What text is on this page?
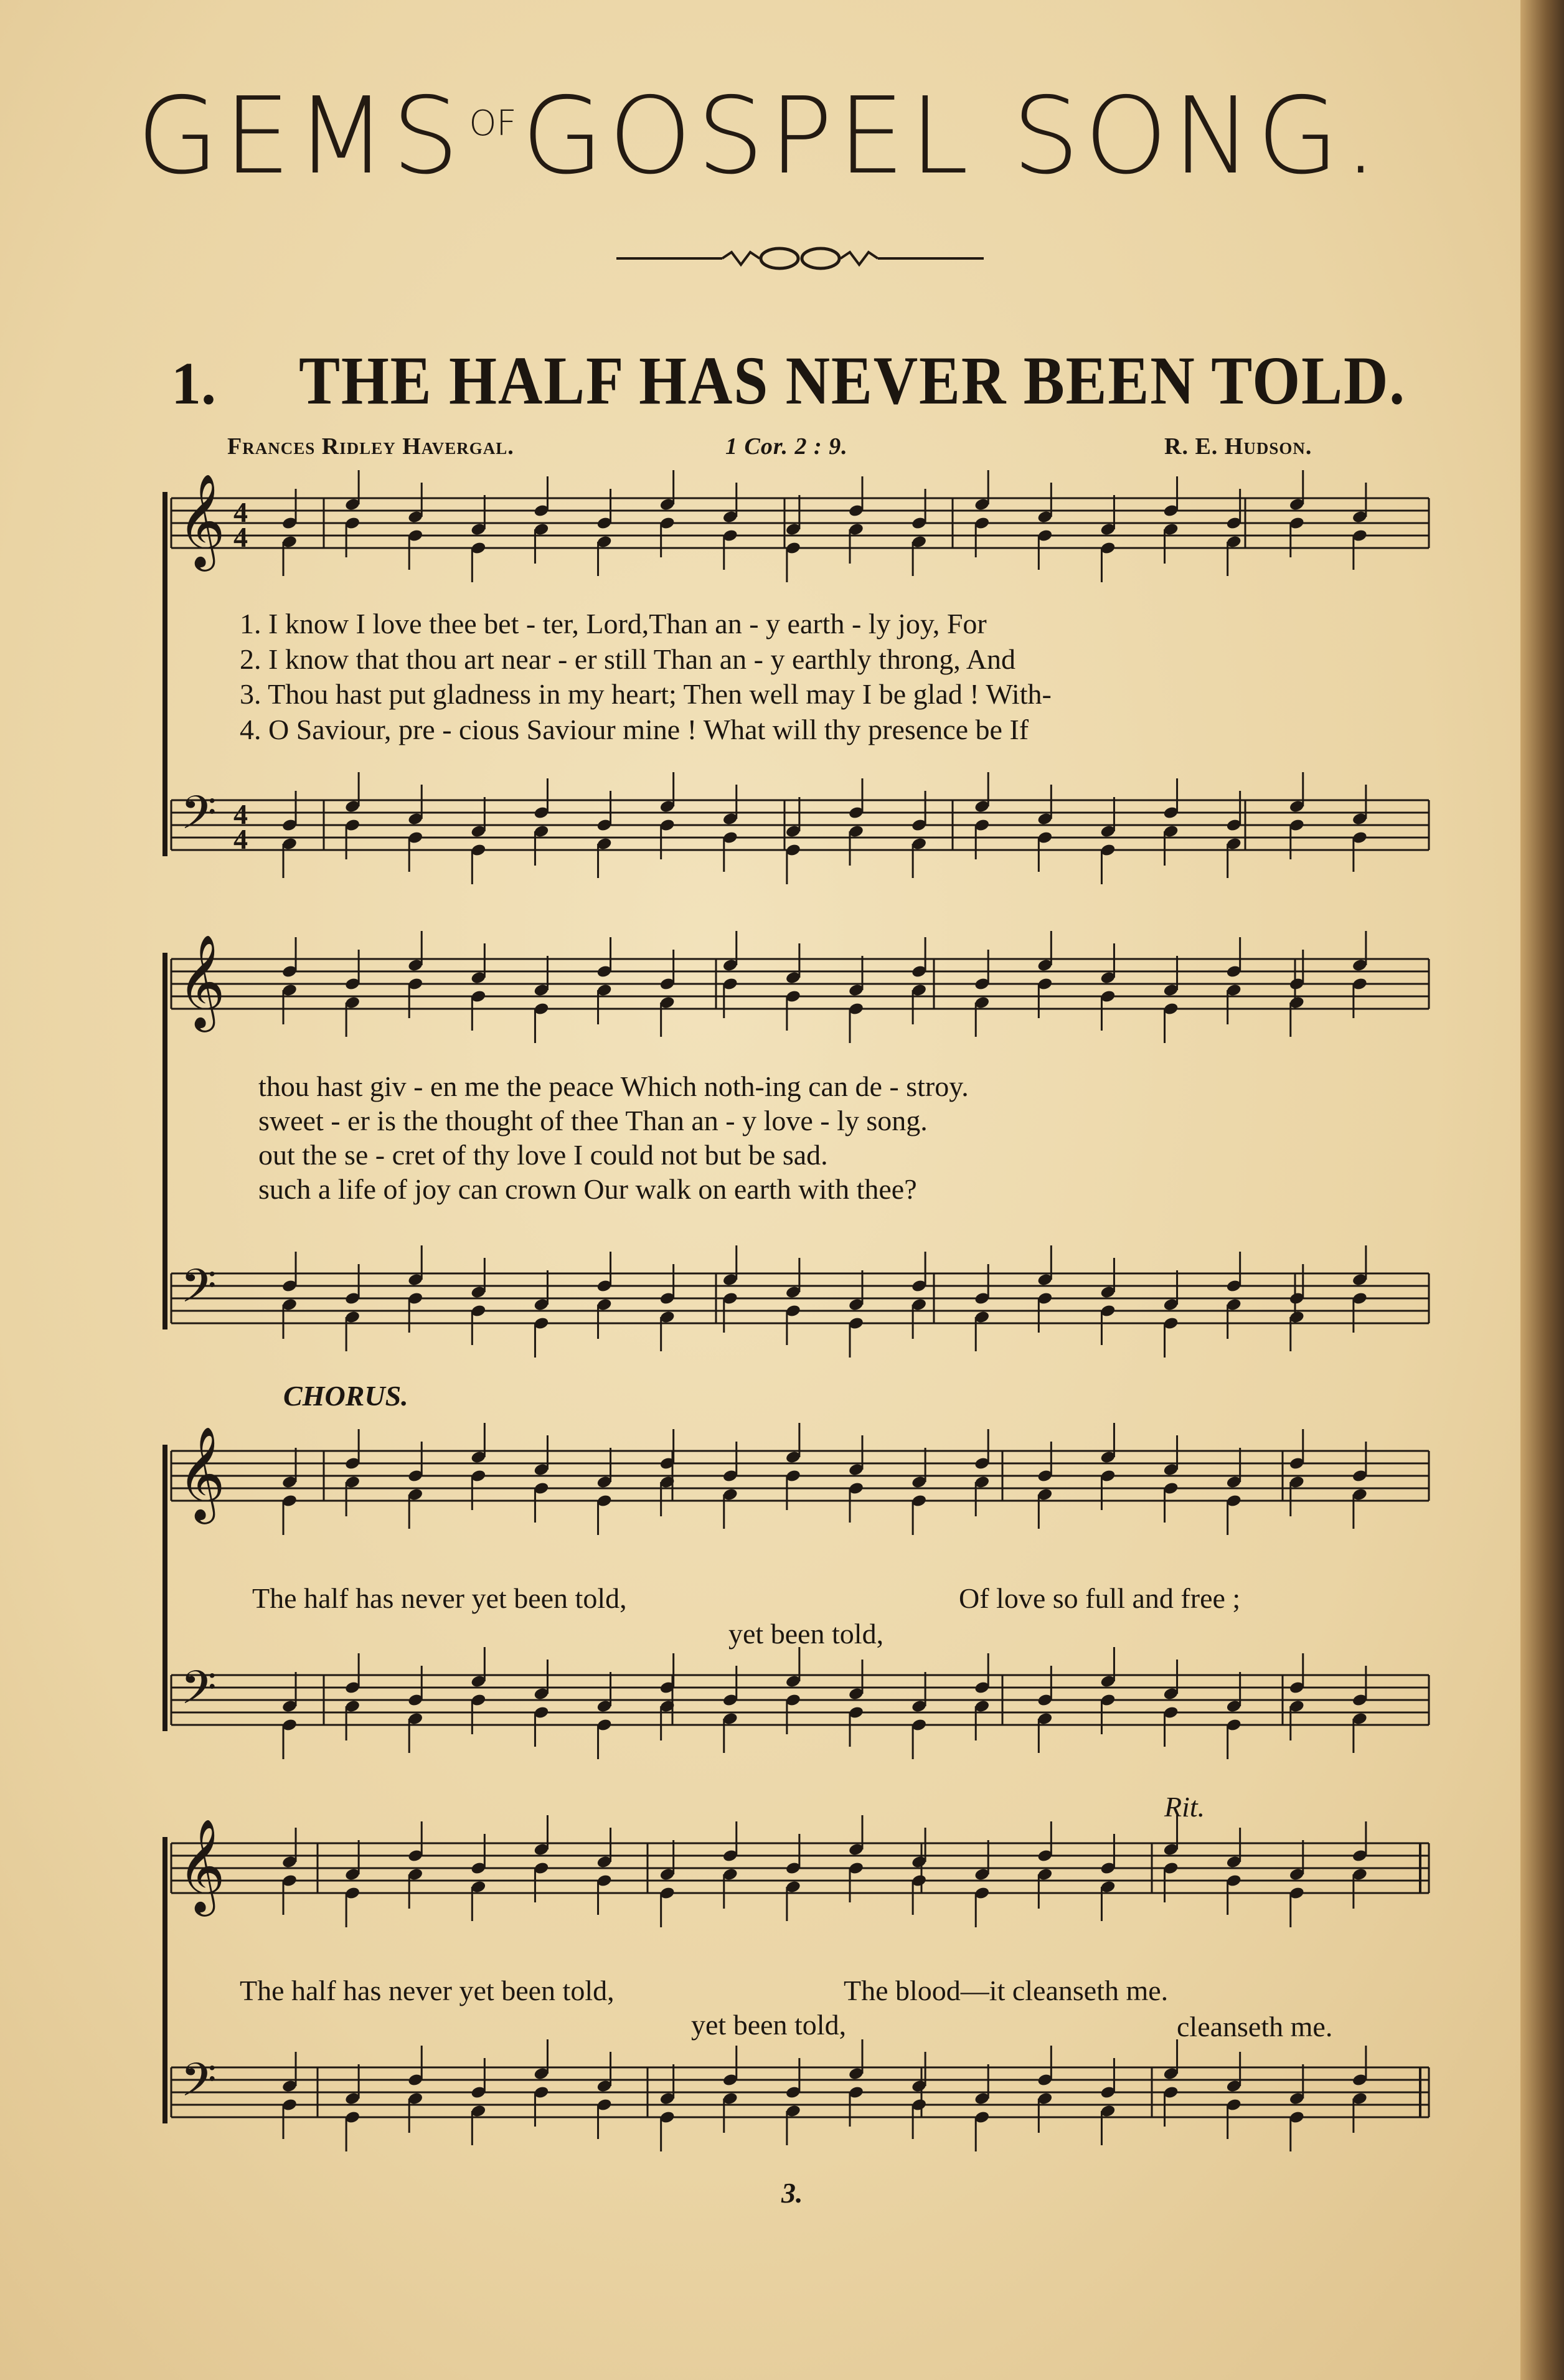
GEMS $^{OF}$GOSPEL SONG.
1. THE HALF HAS NEVER BEEN TOLD.
Frances Ridley Havergal.	1 Cor. 2 : 9.	R. E. Hudson.
𝄞
𝄢
4
4
4
4
𝄞
𝄢
𝄞
𝄢
𝄞
𝄢
1. I know I love thee bet - ter, Lord,Than an - y earth - ly joy, For
2. I know that thou art near - er still Than an - y earthly throng, And
3. Thou hast put gladness in my heart; Then well may I be glad ! With-
4. O Saviour, pre - cious Saviour mine ! What will thy presence be If
thou hast giv - en me the peace Which noth-ing can de - stroy.
sweet - er is the thought of thee Than an - y love - ly song.
out the se - cret of thy love I could not but be sad.
such a life of joy can crown Our walk on earth with thee?
CHORUS.
The half has never yet been told,
yet been told,
Of love so full and free ;
Rit.
The half has never yet been told,
yet been told,
The blood—it cleanseth me.
cleanseth me.
3.
